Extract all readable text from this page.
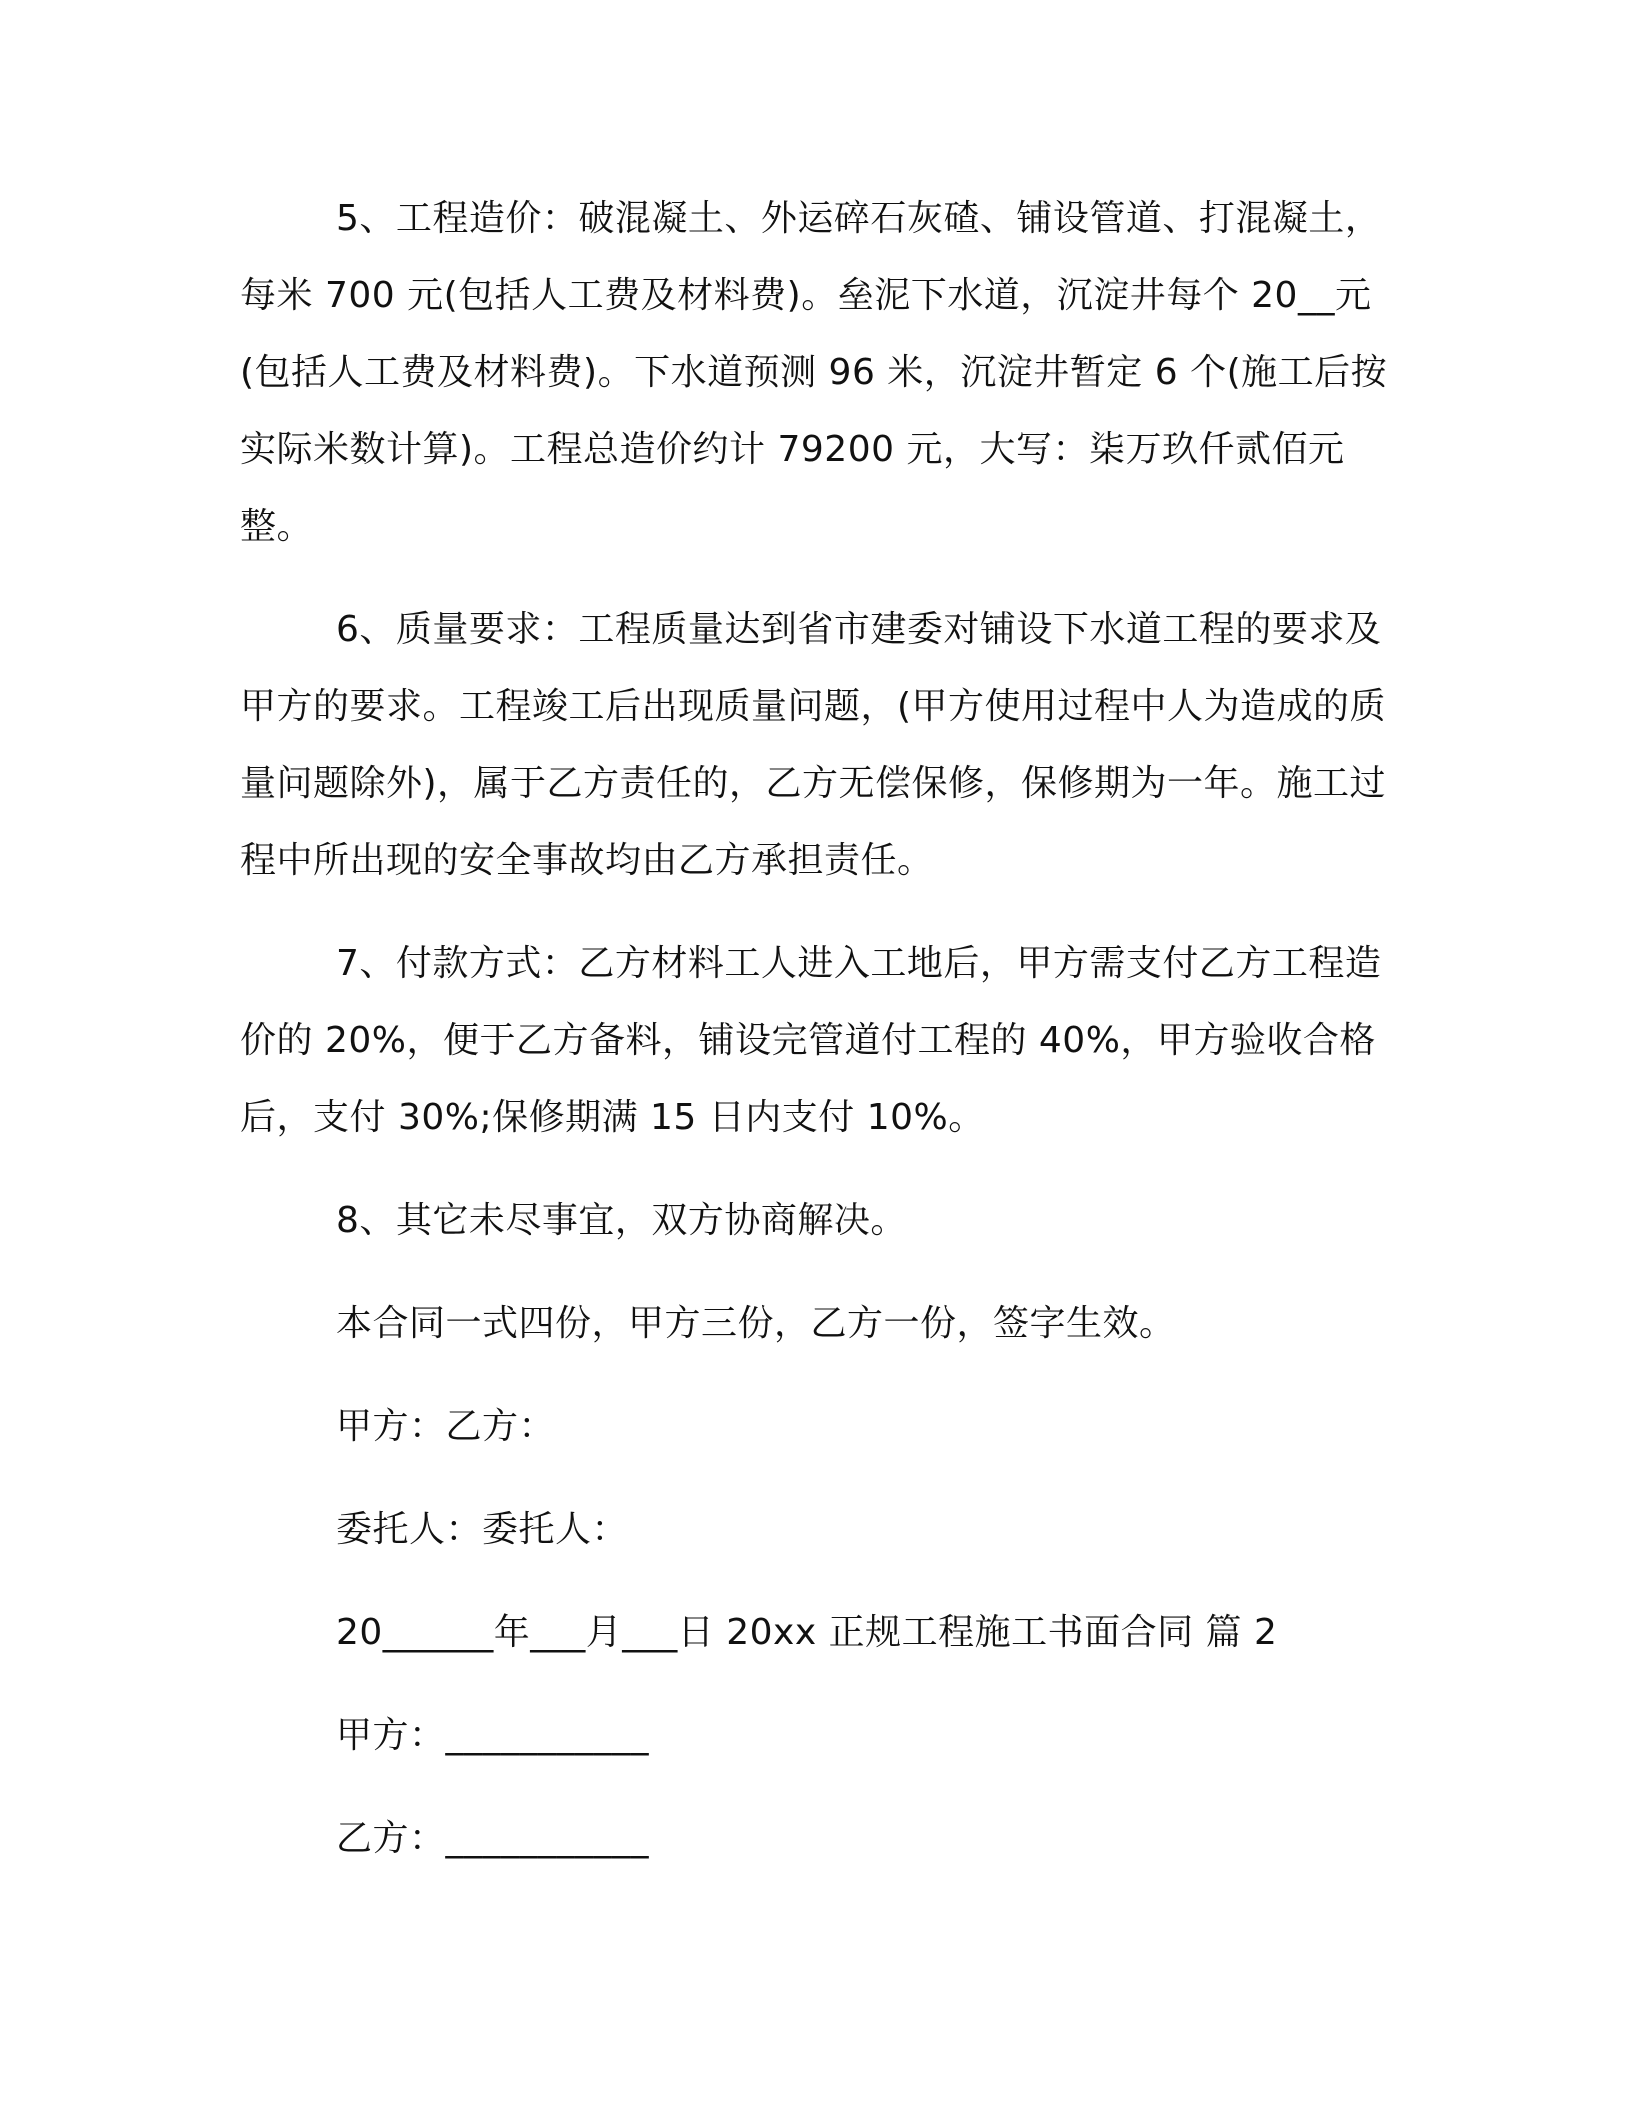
5、工程造价：破混凝土、外运碎石灰碴、铺设管道、打混凝土，每米 700 元(包括人工费及材料费)。垒泥下水道，沉淀井每个 20__元(包括人工费及材料费)。下水道预测 96 米，沉淀井暂定 6 个(施工后按实际米数计算)。工程总造价约计 79200 元，大写：柒万玖仟贰佰元整。

6、质量要求：工程质量达到省市建委对铺设下水道工程的要求及甲方的要求。工程竣工后出现质量问题，(甲方使用过程中人为造成的质量问题除外)，属于乙方责任的，乙方无偿保修，保修期为一年。施工过程中所出现的安全事故均由乙方承担责任。

7、付款方式：乙方材料工人进入工地后，甲方需支付乙方工程造价的 20%，便于乙方备料，铺设完管道付工程的 40%，甲方验收合格后，支付 30%;保修期满 15 日内支付 10%。

8、其它未尽事宜，双方协商解决。

本合同一式四份，甲方三份，乙方一份，签字生效。

甲方：乙方：

委托人：委托人：

20______年___月___日 20xx 正规工程施工书面合同 篇 2

甲方：___________

乙方：___________
